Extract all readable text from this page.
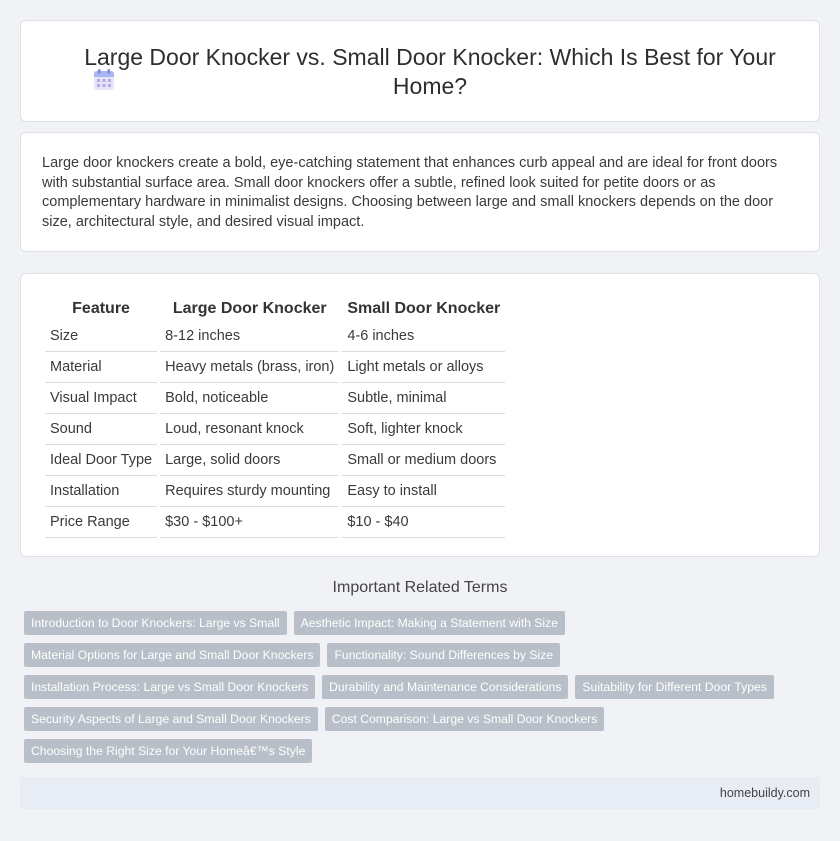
Large Door Knocker vs. Small Door Knocker: Which Is Best for Your Home?

Large door knockers create a bold, eye-catching statement that enhances curb appeal and are ideal for front doors with substantial surface area. Small door knockers offer a subtle, refined look suited for petite doors or as complementary hardware in minimalist designs. Choosing between large and small knockers depends on the door size, architectural style, and desired visual impact.

Feature	Large Door Knocker	Small Door Knocker
Size	8-12 inches	4-6 inches
Material	Heavy metals (brass, iron)	Light metals or alloys
Visual Impact	Bold, noticeable	Subtle, minimal
Sound	Loud, resonant knock	Soft, lighter knock
Ideal Door Type	Large, solid doors	Small or medium doors
Installation	Requires sturdy mounting	Easy to install
Price Range	$30 - $100+	$10 - $40
Important Related Terms
Introduction to Door Knockers: Large vs Small	Aesthetic Impact: Making a Statement with Size
Material Options for Large and Small Door Knockers	Functionality: Sound Differences by Size
Installation Process: Large vs Small Door Knockers	Durability and Maintenance Considerations	Suitability for Different Door Types
Security Aspects of Large and Small Door Knockers	Cost Comparison: Large vs Small Door Knockers
Choosing the Right Size for Your Homeâ€™s Style
homebuildy.com
